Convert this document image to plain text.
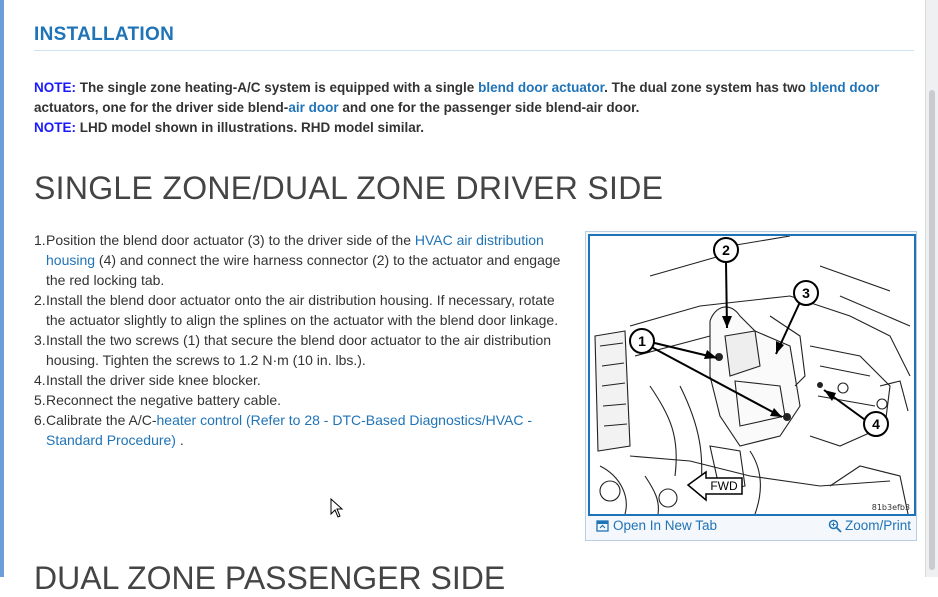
INSTALLATION

NOTE: The single zone heating-A/C system is equipped with a single blend door actuator. The dual zone system has two blend door actuators, one for the driver side blend-air door and one for the passenger side blend-air door.

NOTE: LHD model shown in illustrations. RHD model similar.

SINGLE ZONE/DUAL ZONE DRIVER SIDE
1. Position the blend door actuator (3) to the driver side of the HVAC air distribution housing (4) and connect the wire harness connector (2) to the actuator and engage the red locking tab.
2. Install the blend door actuator onto the air distribution housing. If necessary, rotate the actuator slightly to align the splines on the actuator with the blend door linkage.
3. Install the two screws (1) that secure the blend door actuator to the air distribution housing. Tighten the screws to 1.2 N·m (10 in. lbs.).
4. Install the driver side knee blocker.
5. Reconnect the negative battery cable.
6. Calibrate the A/C-heater control (Refer to 28 - DTC-Based Diagnostics/HVAC - Standard Procedure) .
1
2
3
4
FWD
81b3efb3
Open In New Tab	Zoom/Print
DUAL ZONE PASSENGER SIDE
